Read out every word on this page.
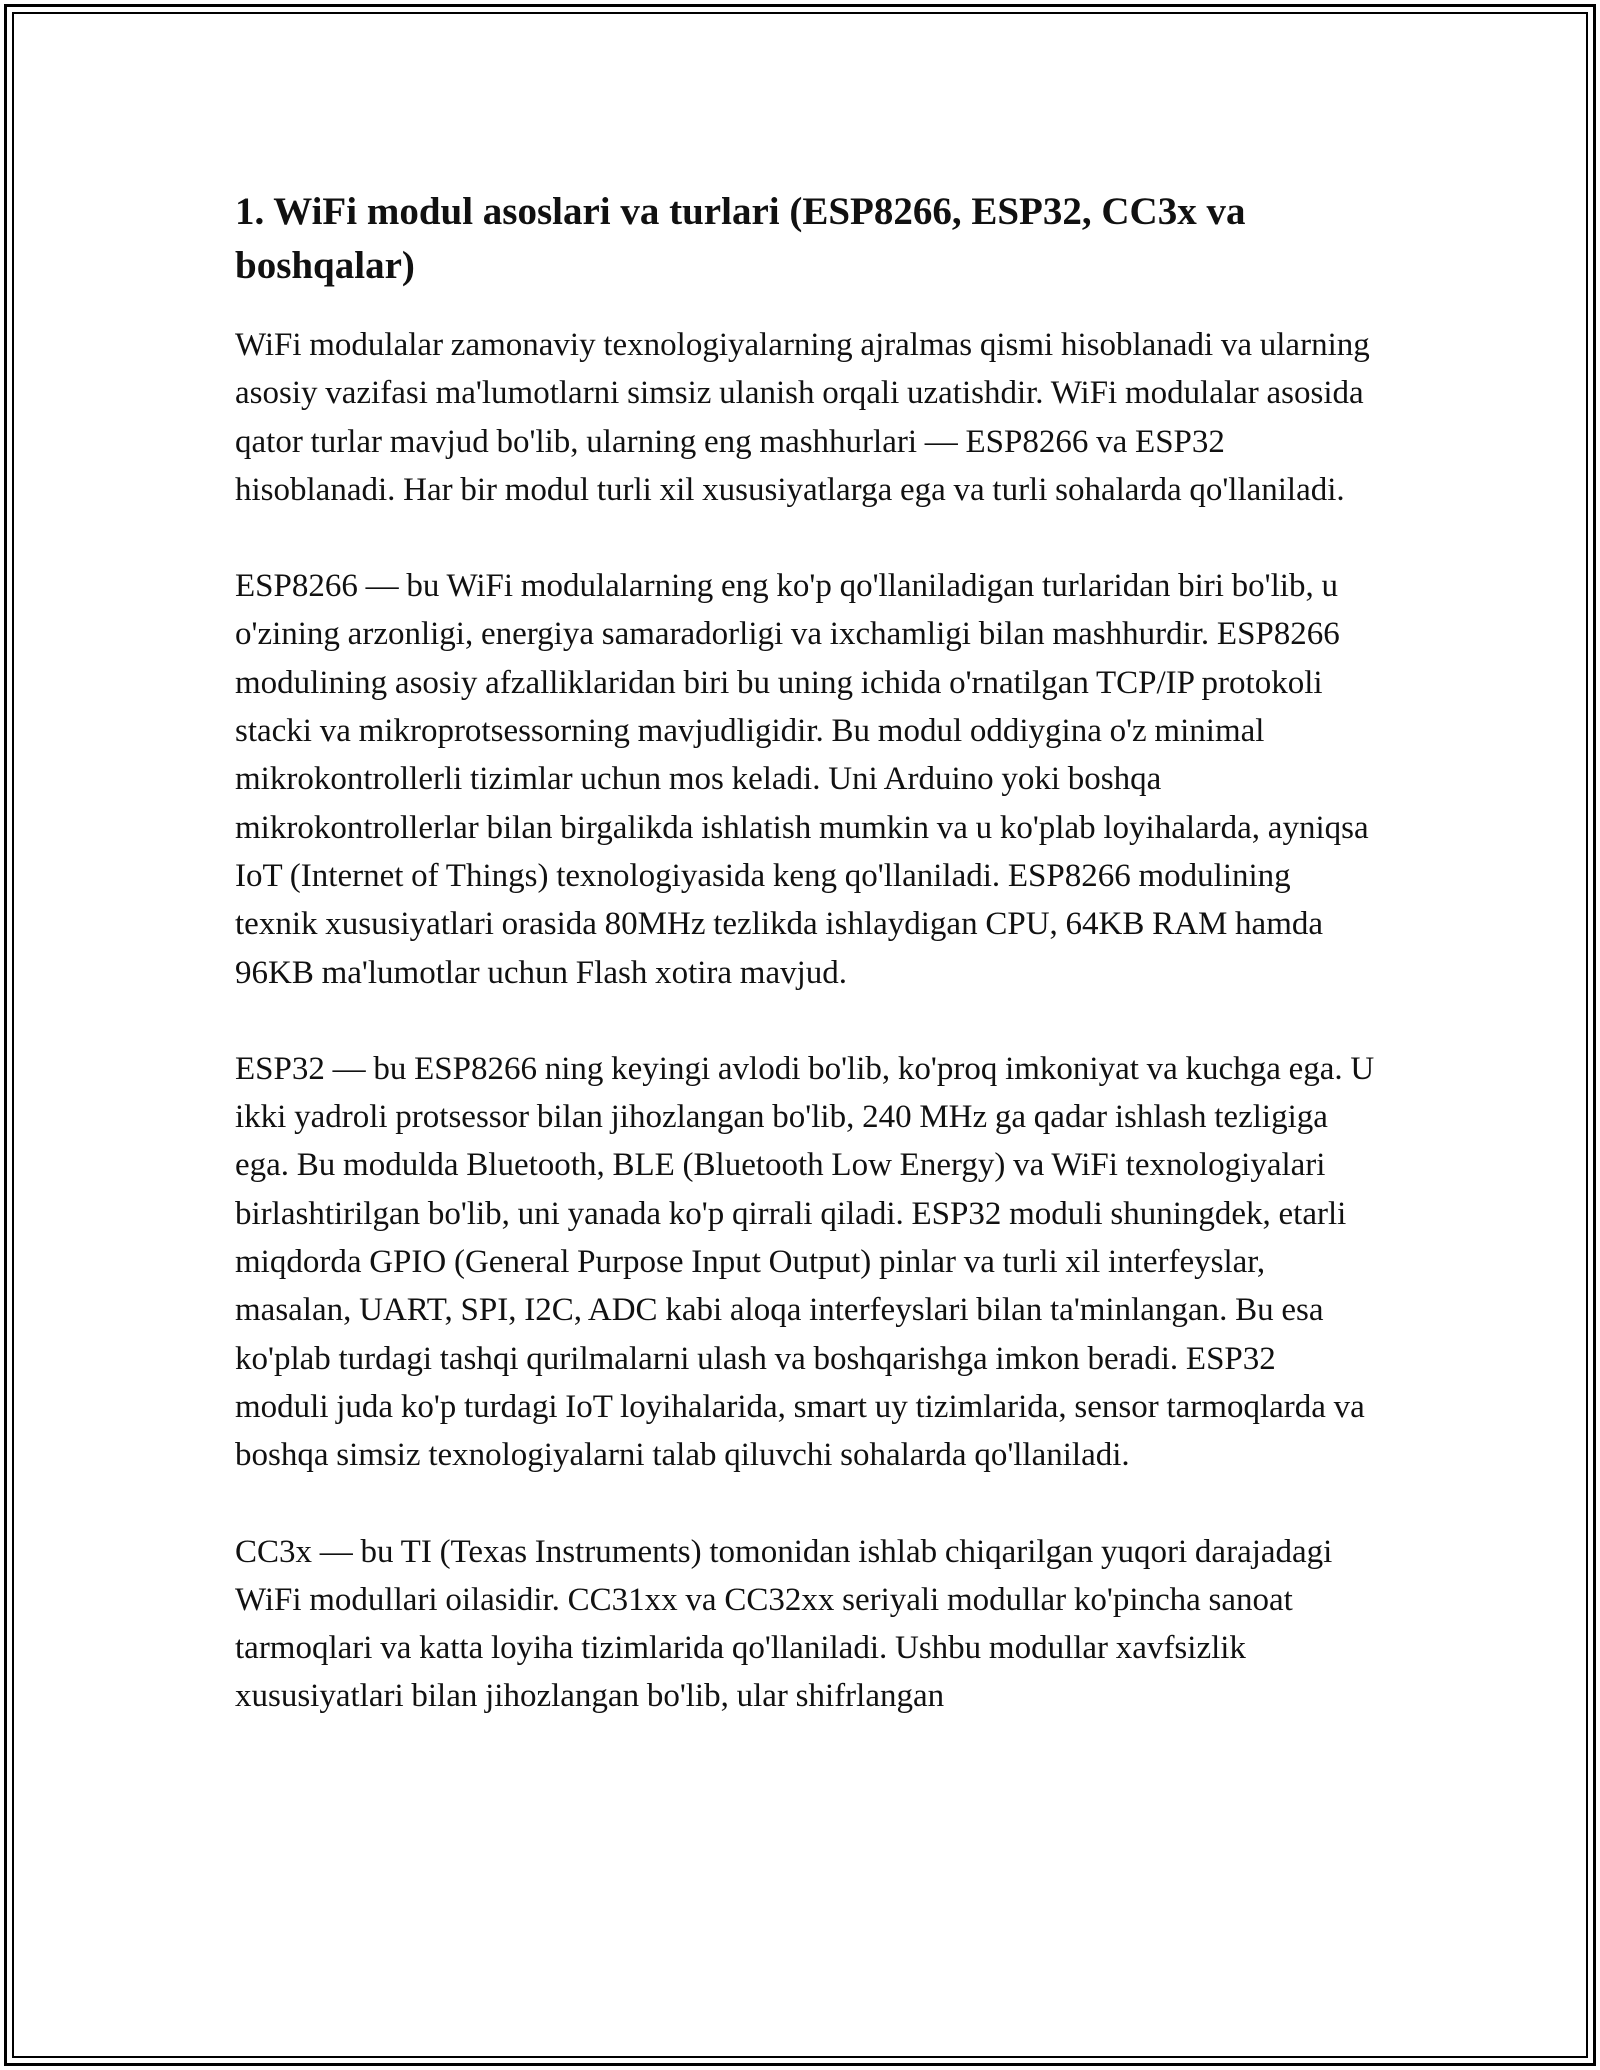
1. WiFi modul asoslari va turlari (ESP8266, ESP32, CC3x va boshqalar)

WiFi modulalar zamonaviy texnologiyalarning ajralmas qismi hisoblanadi va ularning asosiy vazifasi ma'lumotlarni simsiz ulanish orqali uzatishdir. WiFi modulalar asosida qator turlar mavjud bo'lib, ularning eng mashhurlari — ESP8266 va ESP32 hisoblanadi. Har bir modul turli xil xususiyatlarga ega va turli sohalarda qo'llaniladi.

ESP8266 — bu WiFi modulalarning eng ko'p qo'llaniladigan turlaridan biri bo'lib, u o'zining arzonligi, energiya samaradorligi va ixchamligi bilan mashhurdir. ESP8266 modulining asosiy afzalliklaridan biri bu uning ichida o'rnatilgan TCP/IP protokoli stacki va mikroprotsessorning mavjudligidir. Bu modul oddiygina o'z minimal mikrokontrollerli tizimlar uchun mos keladi. Uni Arduino yoki boshqa mikrokontrollerlar bilan birgalikda ishlatish mumkin va u ko'plab loyihalarda, ayniqsa IoT (Internet of Things) texnologiyasida keng qo'llaniladi. ESP8266 modulining texnik xususiyatlari orasida 80MHz tezlikda ishlaydigan CPU, 64KB RAM hamda 96KB ma'lumotlar uchun Flash xotira mavjud.

ESP32 — bu ESP8266 ning keyingi avlodi bo'lib, ko'proq imkoniyat va kuchga ega. U ikki yadroli protsessor bilan jihozlangan bo'lib, 240 MHz ga qadar ishlash tezligiga ega. Bu modulda Bluetooth, BLE (Bluetooth Low Energy) va WiFi texnologiyalari birlashtirilgan bo'lib, uni yanada ko'p qirrali qiladi. ESP32 moduli shuningdek, etarli miqdorda GPIO (General Purpose Input Output) pinlar va turli xil interfeyslar, masalan, UART, SPI, I2C, ADC kabi aloqa interfeyslari bilan ta'minlangan. Bu esa ko'plab turdagi tashqi qurilmalarni ulash va boshqarishga imkon beradi. ESP32 moduli juda ko'p turdagi IoT loyihalarida, smart uy tizimlarida, sensor tarmoqlarda va boshqa simsiz texnologiyalarni talab qiluvchi sohalarda qo'llaniladi.

CC3x — bu TI (Texas Instruments) tomonidan ishlab chiqarilgan yuqori darajadagi WiFi modullari oilasidir. CC31xx va CC32xx seriyali modullar ko'pincha sanoat tarmoqlari va katta loyiha tizimlarida qo'llaniladi. Ushbu modullar xavfsizlik xususiyatlari bilan jihozlangan bo'lib, ular shifrlangan
